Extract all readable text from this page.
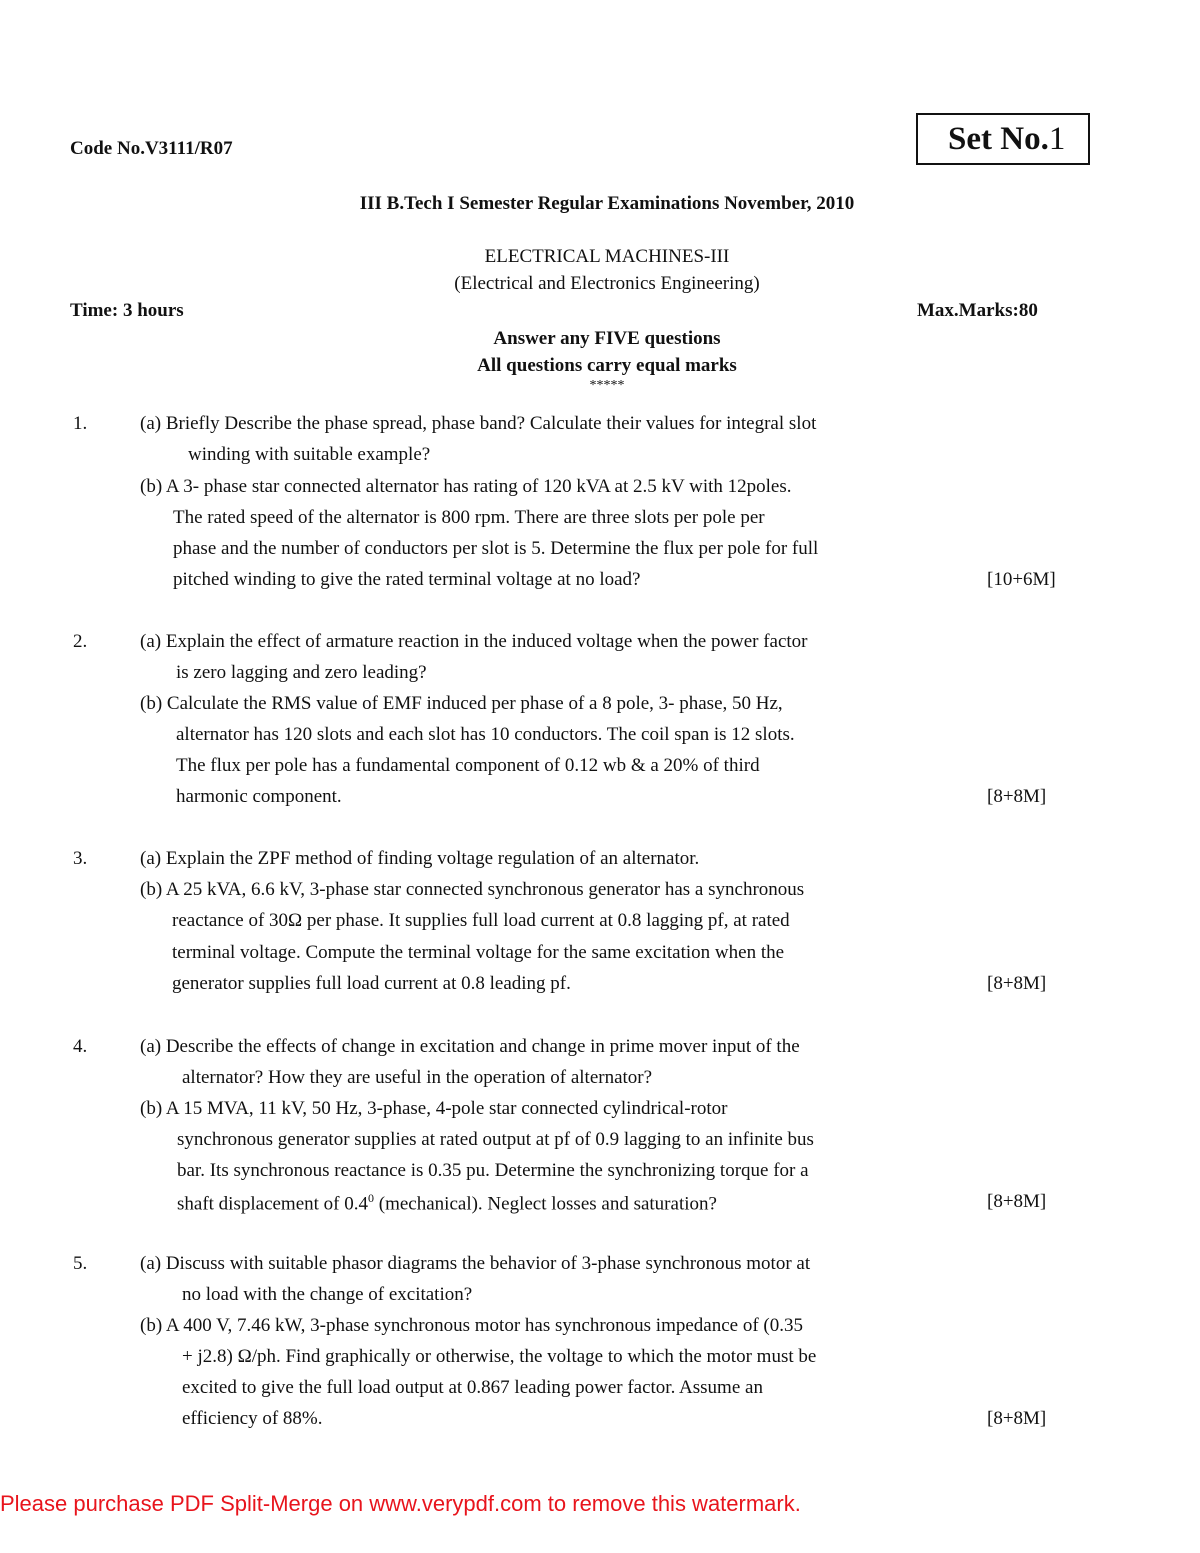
Code No.V3111/R07	Set No.1
III B.Tech I Semester Regular Examinations November, 2010
ELECTRICAL MACHINES-III
(Electrical and Electronics Engineering)
Time: 3 hours	Max.Marks:80
Answer any FIVE questions
All questions carry equal marks
*****
1.	(a) Briefly Describe the phase spread, phase band? Calculate their values for integral slot
winding with suitable example?
(b) A 3- phase star connected alternator has rating of 120 kVA at 2.5 kV with 12poles.
The rated speed of the alternator is 800 rpm. There are three slots per pole per
phase and the number of conductors per slot is 5. Determine the flux per pole for full
pitched winding to give the rated terminal voltage at no load?	[10+6M]
2.	(a) Explain the effect of armature reaction in the induced voltage when the power factor
is zero lagging and zero leading?
(b) Calculate the RMS value of EMF induced per phase of a 8 pole, 3- phase, 50 Hz,
alternator has 120 slots and each slot has 10 conductors. The coil span is 12 slots.
The flux per pole has a fundamental component of 0.12 wb & a 20% of third
harmonic component.	[8+8M]
3.	(a) Explain the ZPF method of finding voltage regulation of an alternator.
(b) A 25 kVA, 6.6 kV, 3-phase star connected synchronous generator has a synchronous
reactance of 30Ω per phase. It supplies full load current at 0.8 lagging pf, at rated
terminal voltage. Compute the terminal voltage for the same excitation when the
generator supplies full load current at 0.8 leading pf.	[8+8M]
4.	(a) Describe the effects of change in excitation and change in prime mover input of the
alternator? How they are useful in the operation of alternator?
(b) A 15 MVA, 11 kV, 50 Hz, 3-phase, 4-pole star connected cylindrical-rotor
synchronous generator supplies at rated output at pf of 0.9 lagging to an infinite bus
bar. Its synchronous reactance is 0.35 pu. Determine the synchronizing torque for a
shaft displacement of $0.4^0$ (mechanical). Neglect losses and saturation?	[8+8M]
5.	(a) Discuss with suitable phasor diagrams the behavior of 3-phase synchronous motor at
no load with the change of excitation?
(b) A 400 V, 7.46 kW, 3-phase synchronous motor has synchronous impedance of (0.35
+ j2.8) Ω/ph. Find graphically or otherwise, the voltage to which the motor must be
excited to give the full load output at 0.867 leading power factor. Assume an
efficiency of 88%.	[8+8M]
Please purchase PDF Split-Merge on www.verypdf.com to remove this watermark.
